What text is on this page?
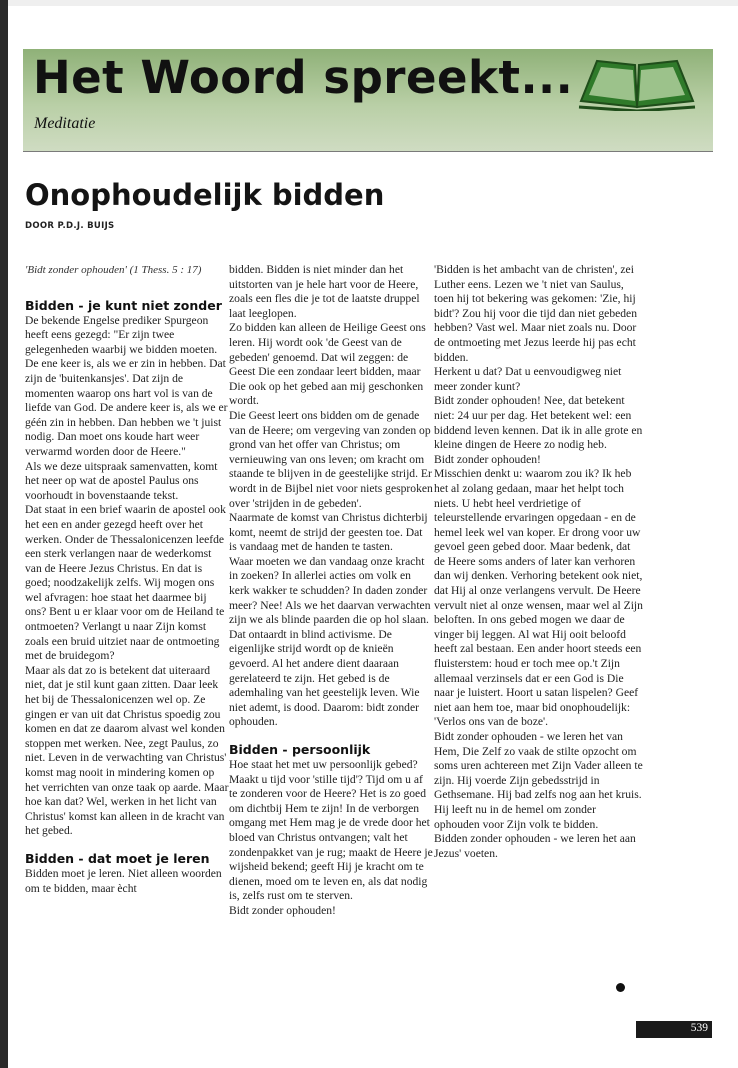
Het Woord spreekt...
Meditatie
Onophoudelijk bidden
DOOR P.D.J. BUIJS

'Bidt zonder ophouden' (1 Thess. 5 : 17)

Bidden - je kunt niet zonder

De bekende Engelse prediker Spurgeon heeft eens gezegd: "Er zijn twee gelegenheden waarbij we bidden moeten. De ene keer is, als we er zin in hebben. Dat zijn de 'buitenkansjes'. Dat zijn de momenten waarop ons hart vol is van de liefde van God. De andere keer is, als we er géén zin in hebben. Dan hebben we 't juist nodig. Dan moet ons koude hart weer verwarmd worden door de Heere."

Als we deze uitspraak samenvatten, komt het neer op wat de apostel Paulus ons voorhoudt in bovenstaande tekst.

Dat staat in een brief waarin de apostel ook het een en ander gezegd heeft over het werken. Onder de Thessalonicenzen leefde een sterk verlangen naar de wederkomst van de Heere Jezus Christus. En dat is goed; noodzakelijk zelfs. Wij mogen ons wel afvragen: hoe staat het daarmee bij ons? Bent u er klaar voor om de Heiland te ontmoeten? Verlangt u naar Zijn komst zoals een bruid uitziet naar de ontmoeting met de bruidegom?

Maar als dat zo is betekent dat uiteraard niet, dat je stil kunt gaan zitten. Daar leek het bij de Thessalonicenzen wel op. Ze gingen er van uit dat Christus spoedig zou komen en dat ze daarom alvast wel konden stoppen met werken. Nee, zegt Paulus, zo niet. Leven in de verwachting van Christus' komst mag nooit in mindering komen op het verrichten van onze taak op aarde. Maar hoe kan dat? Wel, werken in het licht van Christus' komst kan alleen in de kracht van het gebed.

Bidden - dat moet je leren

Bidden moet je leren. Niet alleen woorden om te bidden, maar ècht

bidden. Bidden is niet minder dan het uitstorten van je hele hart voor de Heere, zoals een fles die je tot de laatste druppel laat leeglopen.

Zo bidden kan alleen de Heilige Geest ons leren. Hij wordt ook 'de Geest van de gebeden' genoemd. Dat wil zeggen: de Geest Die een zondaar leert bidden, maar Die ook op het gebed aan mij geschonken wordt.

Die Geest leert ons bidden om de genade van de Heere; om vergeving van zonden op grond van het offer van Christus; om vernieuwing van ons leven; om kracht om staande te blijven in de geestelijke strijd. Er wordt in de Bijbel niet voor niets gesproken over 'strijden in de gebeden'.

Naarmate de komst van Christus dichterbij komt, neemt de strijd der geesten toe. Dat is vandaag met de handen te tasten.

Waar moeten we dan vandaag onze kracht in zoeken? In allerlei acties om volk en kerk wakker te schudden? In daden zonder meer? Nee! Als we het daarvan verwachten zijn we als blinde paarden die op hol slaan. Dat ontaardt in blind activisme. De eigenlijke strijd wordt op de knieën gevoerd. Al het andere dient daaraan gerelateerd te zijn. Het gebed is de ademhaling van het geestelijk leven. Wie niet ademt, is dood. Daarom: bidt zonder ophouden.

Bidden - persoonlijk

Hoe staat het met uw persoonlijk gebed? Maakt u tijd voor 'stille tijd'? Tijd om u af te zonderen voor de Heere? Het is zo goed om dichtbij Hem te zijn! In de verborgen omgang met Hem mag je de vrede door het bloed van Christus ontvangen; valt het zondenpakket van je rug; maakt de Heere je wijsheid bekend; geeft Hij je kracht om te dienen, moed om te leven en, als dat nodig is, zelfs rust om te sterven.

Bidt zonder ophouden!

'Bidden is het ambacht van de christen', zei Luther eens. Lezen we 't niet van Saulus, toen hij tot bekering was gekomen: 'Zie, hij bidt'? Zou hij voor die tijd dan niet gebeden hebben? Vast wel. Maar niet zoals nu. Door de ontmoeting met Jezus leerde hij pas echt bidden.

Herkent u dat? Dat u eenvoudigweg niet meer zonder kunt?

Bidt zonder ophouden! Nee, dat betekent niet: 24 uur per dag. Het betekent wel: een biddend leven kennen. Dat ik in alle grote en kleine dingen de Heere zo nodig heb.

Bidt zonder ophouden!

Misschien denkt u: waarom zou ik? Ik heb het al zolang gedaan, maar het helpt toch niets. U hebt heel verdrietige of teleurstellende ervaringen opgedaan - en de hemel leek wel van koper. Er drong voor uw gevoel geen gebed door. Maar bedenk, dat de Heere soms anders of later kan verhoren dan wij denken. Verhoring betekent ook niet, dat Hij al onze verlangens vervult. De Heere vervult niet al onze wensen, maar wel al Zijn beloften. In ons gebed mogen we daar de vinger bij leggen. Al wat Hij ooit beloofd heeft zal bestaan. Een ander hoort steeds een fluisterstem: houd er toch mee op.'t Zijn allemaal verzinsels dat er een God is Die naar je luistert. Hoort u satan lispelen? Geef niet aan hem toe, maar bid onophoudelijk: 'Verlos ons van de boze'.

Bidt zonder ophouden - we leren het van Hem, Die Zelf zo vaak de stilte opzocht om soms uren achtereen met Zijn Vader alleen te zijn. Hij voerde Zijn gebedsstrijd in Gethsemane. Hij bad zelfs nog aan het kruis. Hij leeft nu in de hemel om zonder ophouden voor Zijn volk te bidden.

Bidden zonder ophouden - we leren het aan Jezus' voeten.

539
